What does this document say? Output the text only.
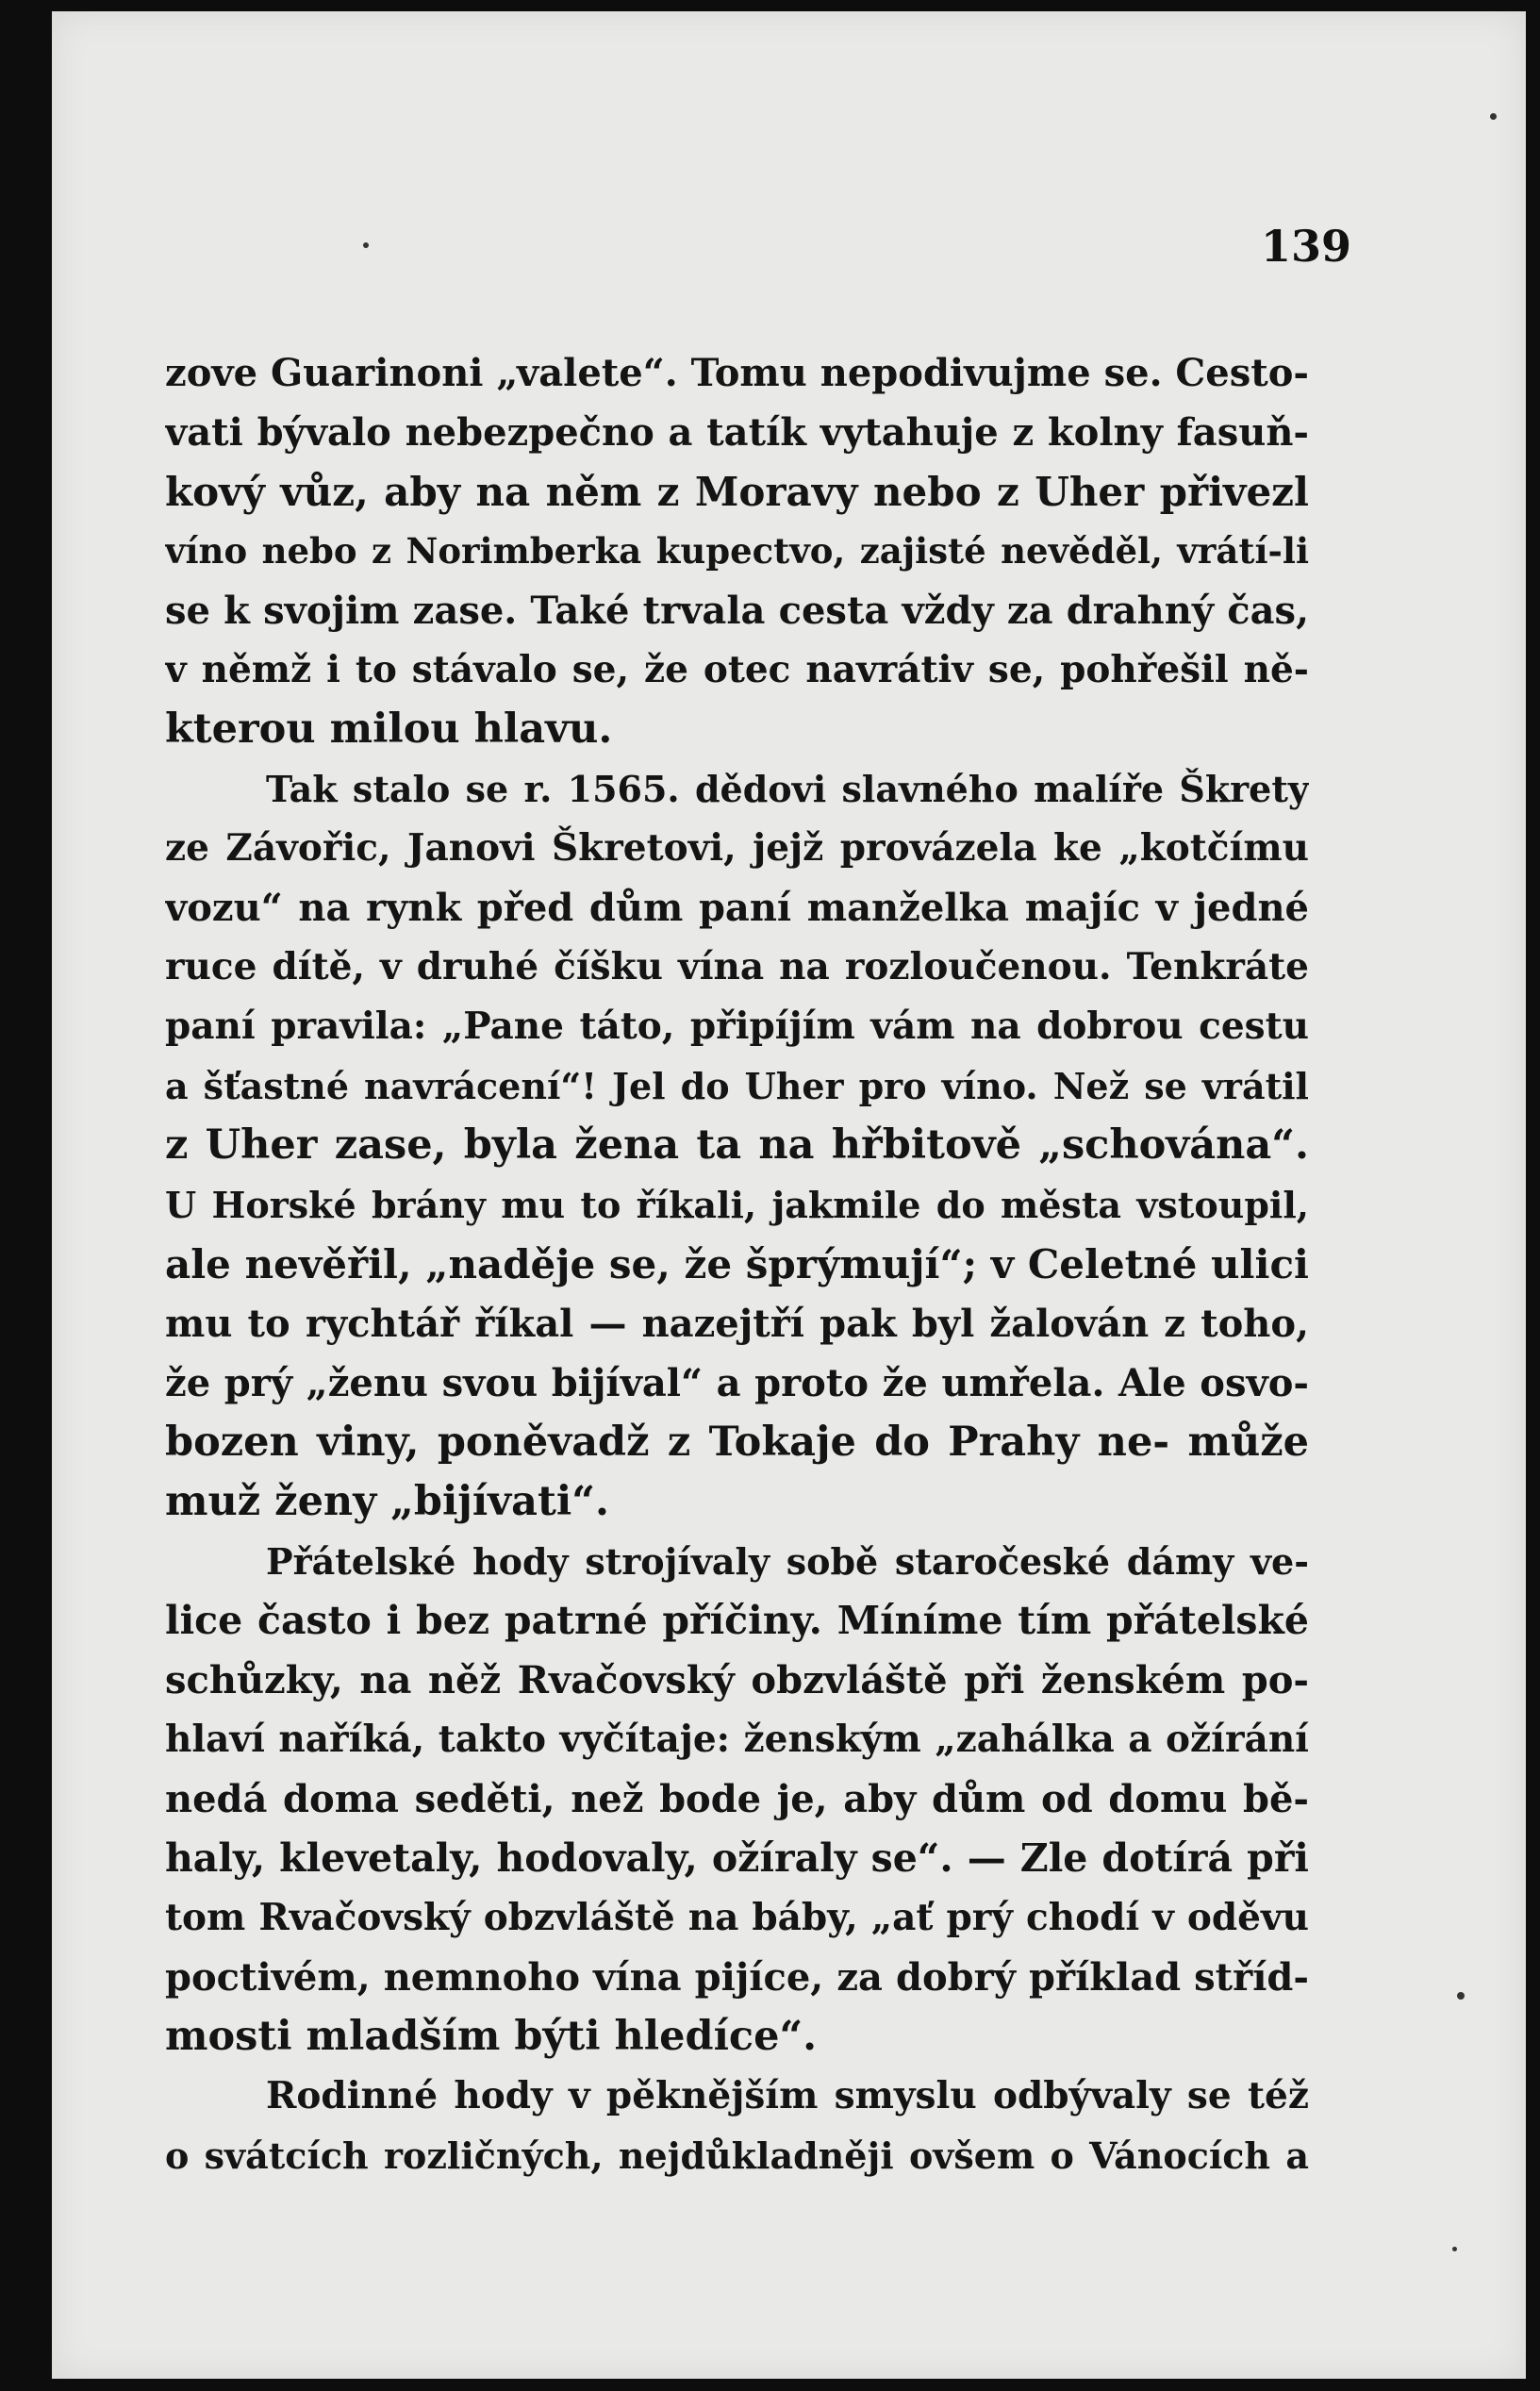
139

zove Guarinoni „valete“. Tomu nepodivujme se. Cesto-
vati bývalo nebezpečno a tatík vytahuje z kolny fasuň-
kový vůz, aby na něm z Moravy nebo z Uher přivezl
víno nebo z Norimberka kupectvo, zajisté nevěděl, vrátí-li
se k svojim zase. Také trvala cesta vždy za drahný čas,
v němž i to stávalo se, že otec navrátiv se, pohřešil ně-
kterou milou hlavu.
Tak stalo se r. 1565. dědovi slavného malíře Škrety
ze Závořic, Janovi Škretovi, jejž provázela ke „kotčímu
vozu“ na rynk před dům paní manželka majíc v jedné
ruce dítě, v druhé číšku vína na rozloučenou. Tenkráte
paní pravila: „Pane táto, připíjím vám na dobrou cestu
a šťastné navrácení“! Jel do Uher pro víno. Než se vrátil
z Uher zase, byla žena ta na hřbitově „schována“.
U Horské brány mu to říkali, jakmile do města vstoupil,
ale nevěřil, „naděje se, že šprýmují“; v Celetné ulici
mu to rychtář říkal — nazejtří pak byl žalován z toho,
že prý „ženu svou bijíval“ a proto že umřela. Ale osvo-
bozen viny, poněvadž z Tokaje do Prahy ne- může
muž ženy „bijívati“.
Přátelské hody strojívaly sobě staročeské dámy ve-
lice často i bez patrné příčiny. Míníme tím přátelské
schůzky, na něž Rvačovský obzvláště při ženském po-
hlaví naříká, takto vyčítaje: ženským „zahálka a ožírání
nedá doma seděti, než bode je, aby dům od domu bě-
haly, klevetaly, hodovaly, ožíraly se“. — Zle dotírá při
tom Rvačovský obzvláště na báby, „ať prý chodí v oděvu
poctivém, nemnoho vína pijíce, za dobrý příklad stříd-
mosti mladším býti hledíce“.
Rodinné hody v pěknějším smyslu odbývaly se též
o svátcích rozličných, nejdůkladněji ovšem o Vánocích a
